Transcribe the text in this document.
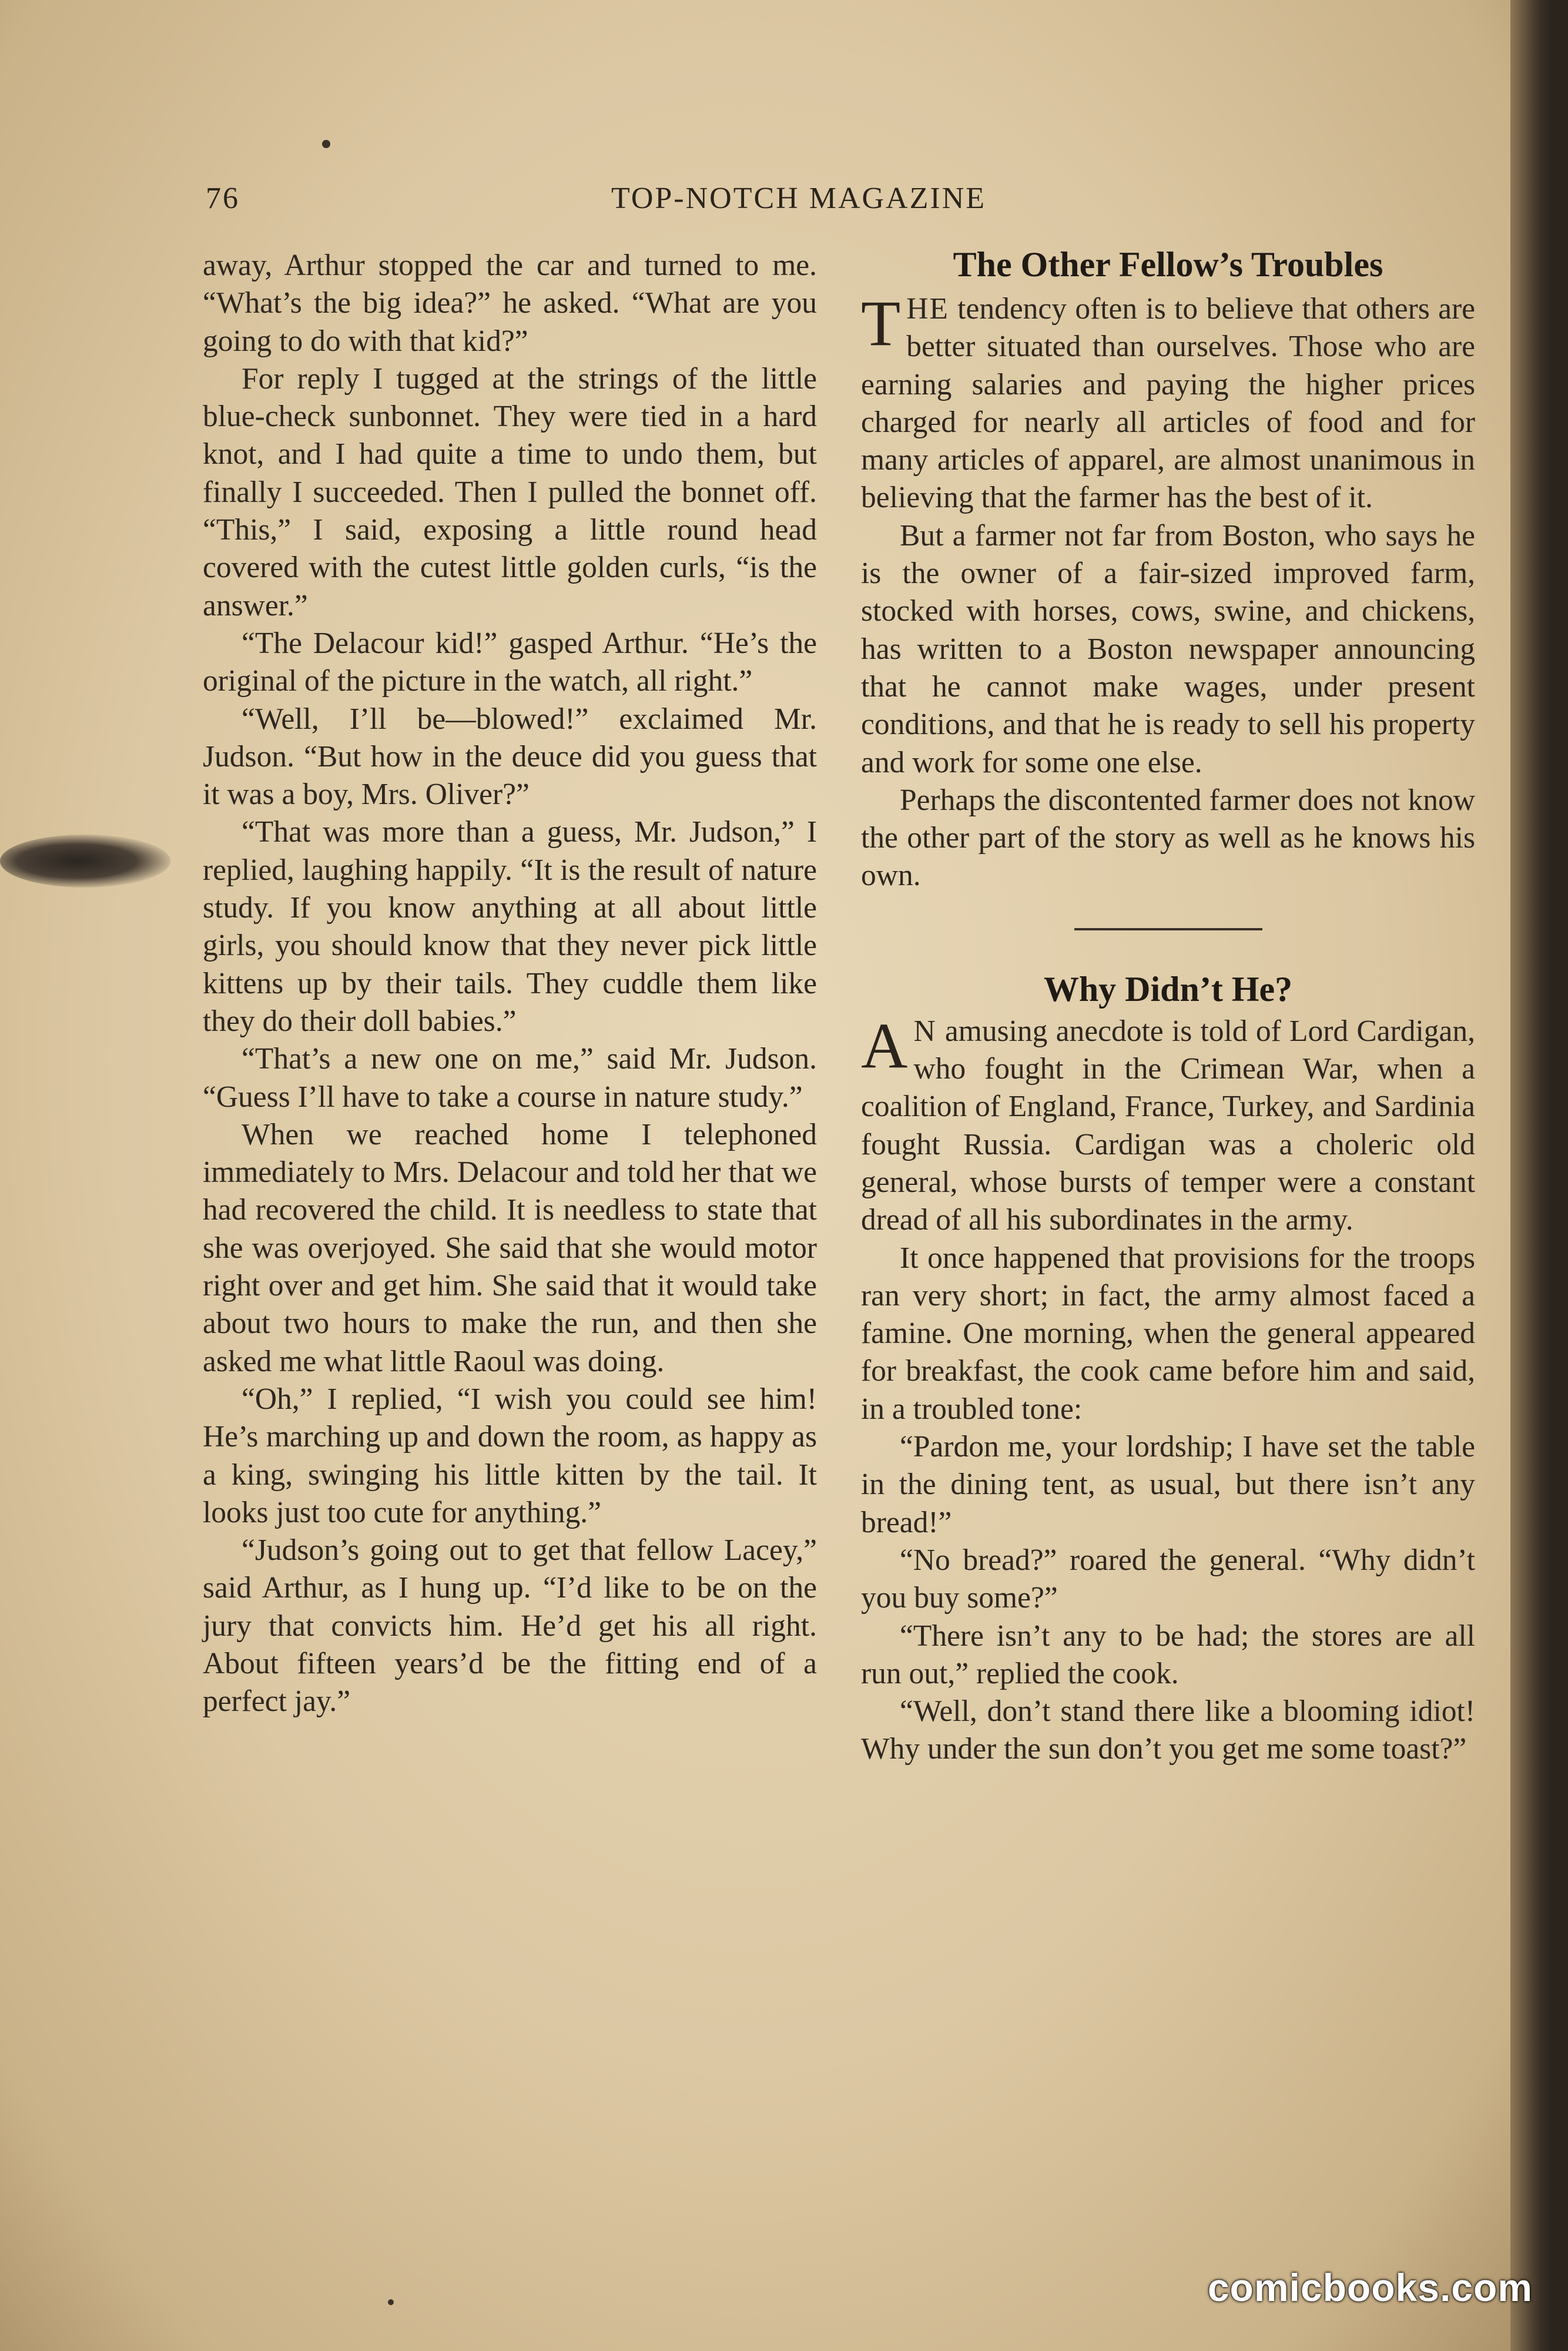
76	TOP-NOTCH MAGAZINE

away, Arthur stopped the car and turned to me. “What’s the big idea?” he asked. “What are you going to do with that kid?”

For reply I tugged at the strings of the little blue-check sunbonnet. They were tied in a hard knot, and I had quite a time to undo them, but finally I succeeded. Then I pulled the bonnet off. “This,” I said, exposing a little round head covered with the cutest little golden curls, “is the answer.”

“The Delacour kid!” gasped Arthur. “He’s the original of the picture in the watch, all right.”

“Well, I’ll be—blowed!” exclaimed Mr. Judson. “But how in the deuce did you guess that it was a boy, Mrs. Oliver?”

“That was more than a guess, Mr. Judson,” I replied, laughing happily. “It is the result of nature study. If you know anything at all about little girls, you should know that they never pick little kittens up by their tails. They cuddle them like they do their doll babies.”

“That’s a new one on me,” said Mr. Judson. “Guess I’ll have to take a course in nature study.”

When we reached home I telephoned immediately to Mrs. Delacour and told her that we had recovered the child. It is needless to state that she was overjoyed. She said that she would motor right over and get him. She said that it would take about two hours to make the run, and then she asked me what little Raoul was doing.

“Oh,” I replied, “I wish you could see him! He’s marching up and down the room, as happy as a king, swinging his little kitten by the tail. It looks just too cute for anything.”

“Judson’s going out to get that fellow Lacey,” said Arthur, as I hung up. “I’d like to be on the jury that convicts him. He’d get his all right. About fifteen years’d be the fitting end of a perfect jay.”

The Other Fellow’s Troubles

THE tendency often is to believe that others are better situated than ourselves. Those who are earning salaries and paying the higher prices charged for nearly all articles of food and for many articles of apparel, are almost unanimous in believing that the farmer has the best of it.

But a farmer not far from Boston, who says he is the owner of a fair-sized improved farm, stocked with horses, cows, swine, and chickens, has written to a Boston newspaper announcing that he cannot make wages, under present conditions, and that he is ready to sell his property and work for some one else.

Perhaps the discontented farmer does not know the other part of the story as well as he knows his own.

Why Didn’t He?

A N amusing anecdote is told of Lord Cardigan, who fought in the Crimean War, when a coalition of England, France, Turkey, and Sardinia fought Russia. Cardigan was a choleric old general, whose bursts of temper were a constant dread of all his subordinates in the army.

It once happened that provisions for the troops ran very short; in fact, the army almost faced a famine. One morning, when the general appeared for breakfast, the cook came before him and said, in a troubled tone:

“Pardon me, your lordship; I have set the table in the dining tent, as usual, but there isn’t any bread!”

“No bread?” roared the general. “Why didn’t you buy some?”

“There isn’t any to be had; the stores are all run out,” replied the cook.

“Well, don’t stand there like a blooming idiot! Why under the sun don’t you get me some toast?”

comicbooks.com
